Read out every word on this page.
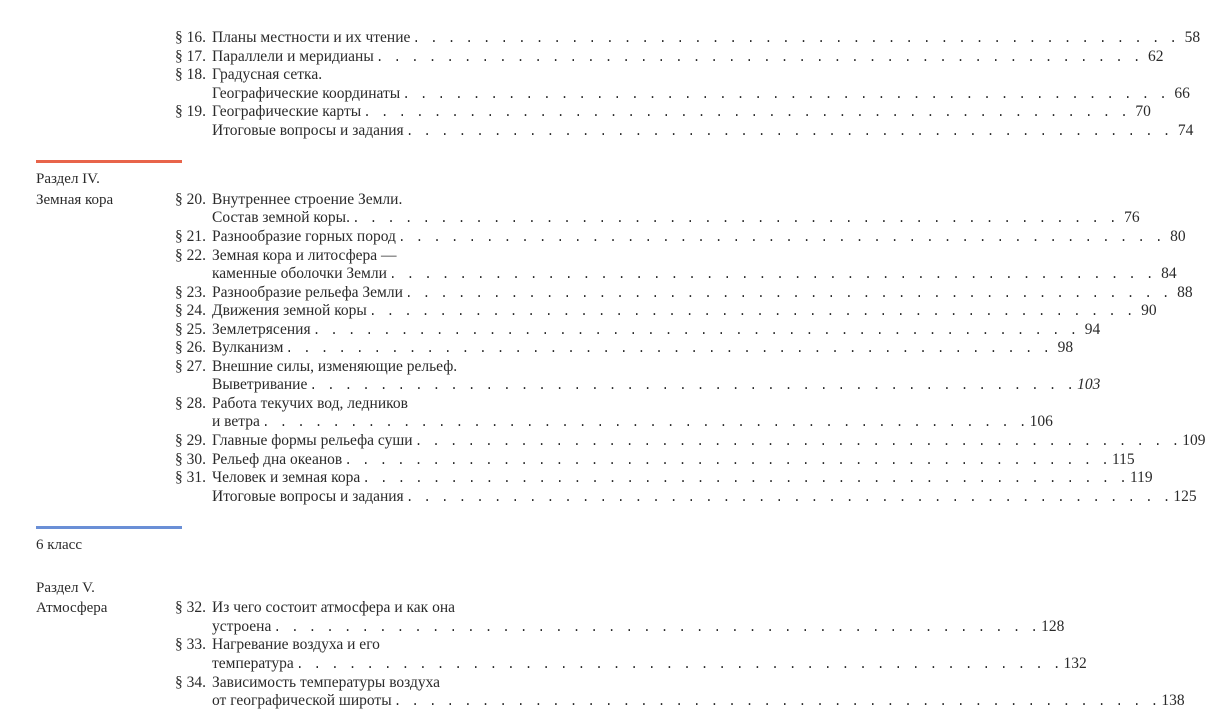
§ 16. Планы местности и их чтение . . . . . . . . . . . . . . . . . . . . . . . . . . . . . . . . . . . . . . . . . . . . 58
§ 17. Параллели и меридианы . . . . . . . . . . . . . . . . . . . . . . . . . . . . . . . . . . . . . . . . . . . . 62
§ 18. Градусная сетка.
Географические координаты . . . . . . . . . . . . . . . . . . . . . . . . . . . . . . . . . . . . . . . . . . . . 66
§ 19. Географические карты . . . . . . . . . . . . . . . . . . . . . . . . . . . . . . . . . . . . . . . . . . . . 70
Итоговые вопросы и задания . . . . . . . . . . . . . . . . . . . . . . . . . . . . . . . . . . . . . . . . . . . . 74
Раздел IV.
Земная кора	§ 20. Внутреннее строение Земли.
Состав земной коры. . . . . . . . . . . . . . . . . . . . . . . . . . . . . . . . . . . . . . . . . . . . . 76
§ 21. Разнообразие горных пород . . . . . . . . . . . . . . . . . . . . . . . . . . . . . . . . . . . . . . . . . . . . 80
§ 22. Земная кора и литосфера —
каменные оболочки Земли . . . . . . . . . . . . . . . . . . . . . . . . . . . . . . . . . . . . . . . . . . . . 84
§ 23. Разнообразие рельефа Земли . . . . . . . . . . . . . . . . . . . . . . . . . . . . . . . . . . . . . . . . . . . . 88
§ 24. Движения земной коры . . . . . . . . . . . . . . . . . . . . . . . . . . . . . . . . . . . . . . . . . . . . 90
§ 25. Землетрясения . . . . . . . . . . . . . . . . . . . . . . . . . . . . . . . . . . . . . . . . . . . . 94
§ 26. Вулканизм . . . . . . . . . . . . . . . . . . . . . . . . . . . . . . . . . . . . . . . . . . . . 98
§ 27. Внешние силы, изменяющие рельеф.
Выветривание . . . . . . . . . . . . . . . . . . . . . . . . . . . . . . . . . . . . . . . . . . . . 103
§ 28. Работа текучих вод, ледников
и ветра . . . . . . . . . . . . . . . . . . . . . . . . . . . . . . . . . . . . . . . . . . . . 106
§ 29. Главные формы рельефа суши . . . . . . . . . . . . . . . . . . . . . . . . . . . . . . . . . . . . . . . . . . . . 109
§ 30. Рельеф дна океанов . . . . . . . . . . . . . . . . . . . . . . . . . . . . . . . . . . . . . . . . . . . . 115
§ 31. Человек и земная кора . . . . . . . . . . . . . . . . . . . . . . . . . . . . . . . . . . . . . . . . . . . . 119
Итоговые вопросы и задания . . . . . . . . . . . . . . . . . . . . . . . . . . . . . . . . . . . . . . . . . . . . 125
6 класс
Раздел V.
Атмосфера	§ 32. Из чего состоит атмосфера и как она
устроена . . . . . . . . . . . . . . . . . . . . . . . . . . . . . . . . . . . . . . . . . . . . 128
§ 33. Нагревание воздуха и его
температура . . . . . . . . . . . . . . . . . . . . . . . . . . . . . . . . . . . . . . . . . . . . 132
§ 34. Зависимость температуры воздуха
от географической широты . . . . . . . . . . . . . . . . . . . . . . . . . . . . . . . . . . . . . . . . . . . . 138
